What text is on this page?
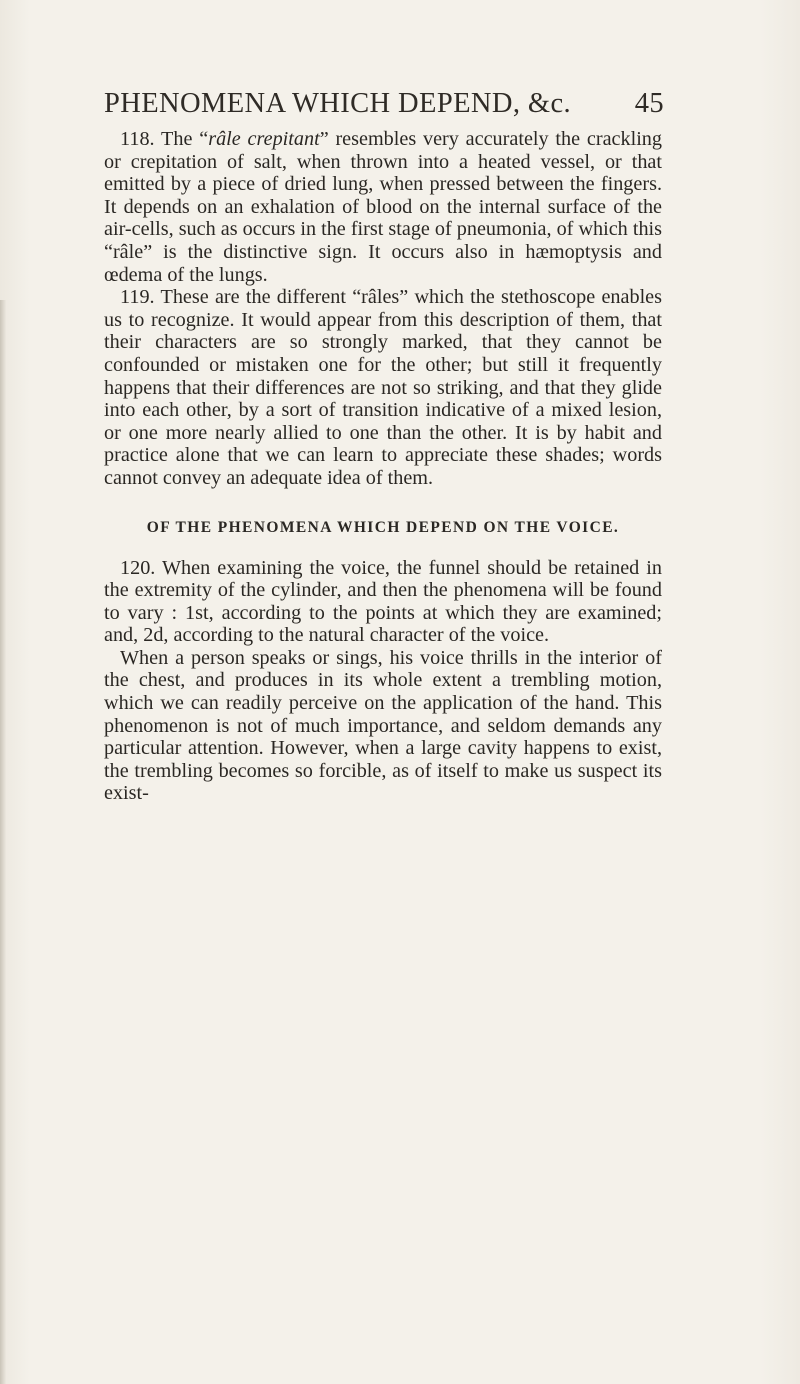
PHENOMENA WHICH DEPEND, &c. 45

118. The “râle crepitant” resembles very accurately the crackling or crepitation of salt, when thrown into a heated vessel, or that emitted by a piece of dried lung, when pressed between the fingers. It depends on an exhalation of blood on the internal surface of the air-cells, such as occurs in the first stage of pneumonia, of which this “râle” is the distinctive sign. It occurs also in hæmoptysis and œdema of the lungs.

119. These are the different “râles” which the stethoscope enables us to recognize. It would appear from this description of them, that their characters are so strongly marked, that they cannot be confounded or mistaken one for the other; but still it frequently happens that their differences are not so striking, and that they glide into each other, by a sort of transition indicative of a mixed lesion, or one more nearly allied to one than the other. It is by habit and practice alone that we can learn to appreciate these shades; words cannot convey an adequate idea of them.

OF THE PHENOMENA WHICH DEPEND ON THE VOICE.

120. When examining the voice, the funnel should be retained in the extremity of the cylinder, and then the phenomena will be found to vary : 1st, according to the points at which they are examined; and, 2d, according to the natural character of the voice.

When a person speaks or sings, his voice thrills in the interior of the chest, and produces in its whole extent a trembling motion, which we can readily perceive on the application of the hand. This phenomenon is not of much importance, and seldom demands any particular attention. However, when a large cavity happens to exist, the trembling becomes so forcible, as of itself to make us suspect its exist-
